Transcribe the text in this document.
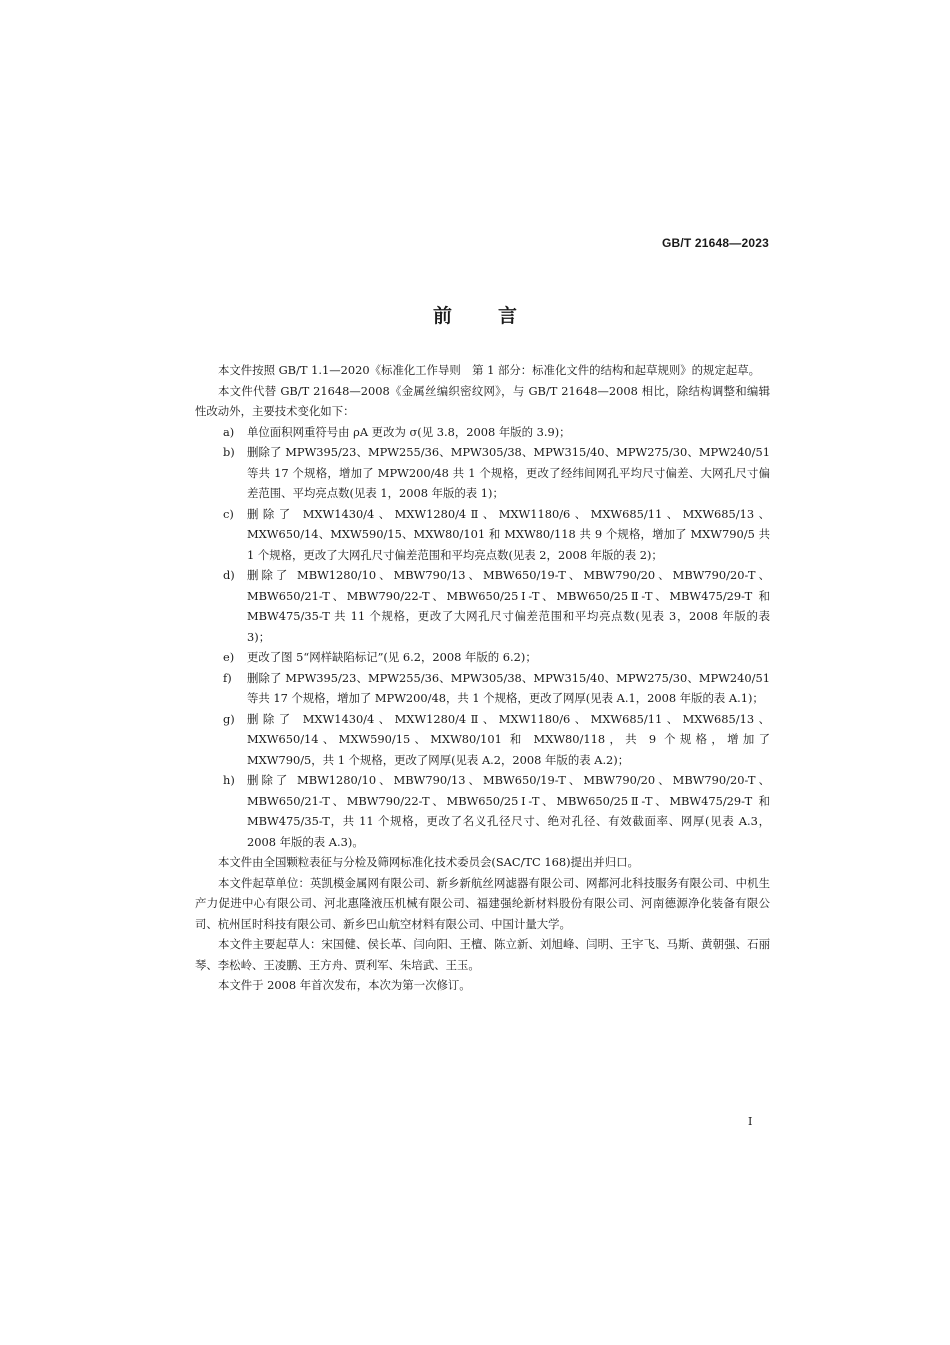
GB/T 21648—2023
前言

本文件按照 GB/T 1.1—2020《标准化工作导则　第 1 部分：标准化文件的结构和起草规则》的规定起草。

本文件代替 GB/T 21648—2008《金属丝编织密纹网》，与 GB/T 21648—2008 相比，除结构调整和编辑性改动外，主要技术变化如下：

a)	单位面积网重符号由 ρA 更改为 σ(见 3.8，2008 年版的 3.9)；
b)	删除了 MPW395/23、MPW255/36、MPW305/38、MPW315/40、MPW275/30、MPW240/51 等共 17 个规格，增加了 MPW200/48 共 1 个规格，更改了经纬间网孔平均尺寸偏差、大网孔尺寸偏差范围、平均亮点数(见表 1，2008 年版的表 1)；
c)	删除了 MXW1430/4、MXW1280/4Ⅱ、MXW1180/6、MXW685/11、MXW685/13、MXW650/14、MXW590/15、MXW80/101 和 MXW80/118 共 9 个规格，增加了 MXW790/5 共 1 个规格，更改了大网孔尺寸偏差范围和平均亮点数(见表 2，2008 年版的表 2)；
d)	删除了 MBW1280/10、MBW790/13、MBW650/19-T、MBW790/20、MBW790/20-T、MBW650/21-T、MBW790/22-T、MBW650/25Ⅰ-T、MBW650/25Ⅱ-T、MBW475/29-T 和 MBW475/35-T 共 11 个规格，更改了大网孔尺寸偏差范围和平均亮点数(见表 3，2008 年版的表 3)；
e)	更改了图 5“网样缺陷标记”(见 6.2，2008 年版的 6.2)；
f)	删除了 MPW395/23、MPW255/36、MPW305/38、MPW315/40、MPW275/30、MPW240/51 等共 17 个规格，增加了 MPW200/48，共 1 个规格，更改了网厚(见表 A.1，2008 年版的表 A.1)；
g)	删除了 MXW1430/4、MXW1280/4Ⅱ、MXW1180/6、MXW685/11、MXW685/13、MXW650/14、MXW590/15、MXW80/101 和 MXW80/118，共 9 个规格，增加了 MXW790/5，共 1 个规格，更改了网厚(见表 A.2，2008 年版的表 A.2)；
h)	删除了 MBW1280/10、MBW790/13、MBW650/19-T、MBW790/20、MBW790/20-T、MBW650/21-T、MBW790/22-T、MBW650/25Ⅰ-T、MBW650/25Ⅱ-T、MBW475/29-T 和 MBW475/35-T，共 11 个规格，更改了名义孔径尺寸、绝对孔径、有效截面率、网厚(见表 A.3，2008 年版的表 A.3)。

本文件由全国颗粒表征与分检及筛网标准化技术委员会(SAC/TC 168)提出并归口。

本文件起草单位：英凯模金属网有限公司、新乡新航丝网滤器有限公司、网都河北科技服务有限公司、中机生产力促进中心有限公司、河北惠隆液压机械有限公司、福建强纶新材料股份有限公司、河南德源净化装备有限公司、杭州匡时科技有限公司、新乡巴山航空材料有限公司、中国计量大学。

本文件主要起草人：宋国健、侯长革、闫向阳、王檀、陈立新、刘旭峰、闫明、王宇飞、马斯、黄朝强、石丽琴、李松岭、王凌鹏、王方舟、贾利军、朱培武、王玉。

本文件于 2008 年首次发布，本次为第一次修订。

I
